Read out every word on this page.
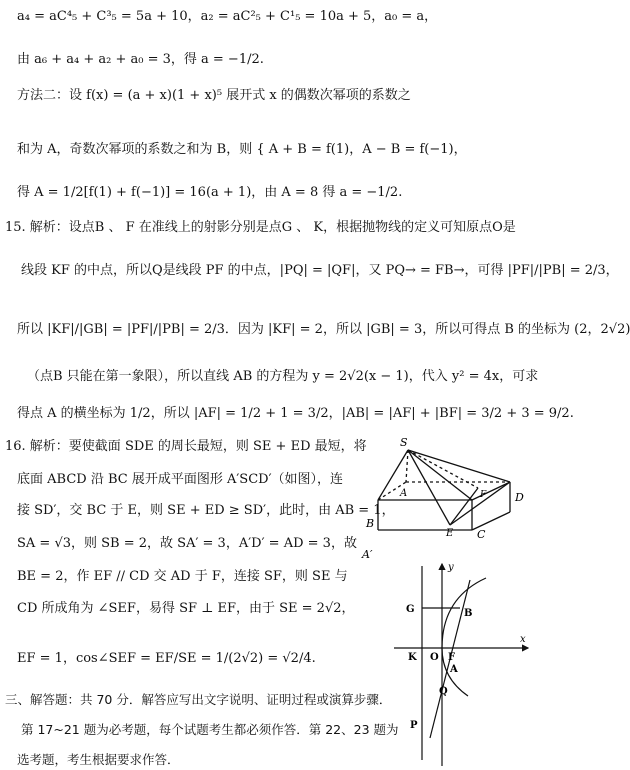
a₄ = aC⁴₅ + C³₅ = 5a + 10，a₂ = aC²₅ + C¹₅ = 10a + 5，a₀ = a，
由 a₆ + a₄ + a₂ + a₀ = 3，得 a = −1/2.
方法二：设 f(x) = (a + x)(1 + x)⁵ 展开式 x 的偶数次幂项的系数之
和为 A，奇数次幂项的系数之和为 B，则 { A + B = f(1)，A − B = f(−1)，
得 A = 1/2[f(1) + f(−1)] = 16(a + 1)，由 A = 8 得 a = −1/2.
15. 解析：设点B 、 F 在准线上的射影分别是点G 、 K，根据抛物线的定义可知原点O是
线段 KF 的中点，所以Q是线段 PF 的中点，|PQ| = |QF|，又 PQ→ = FB→，可得 |PF|/|PB| = 2/3，
所以 |KF|/|GB| = |PF|/|PB| = 2/3．因为 |KF| = 2，所以 |GB| = 3，所以可得点 B 的坐标为 (2，2√2)
（点B 只能在第一象限），所以直线 AB 的方程为 y = 2√2(x − 1)，代入 y² = 4x，可求
得点 A 的横坐标为 1/2，所以 |AF| = 1/2 + 1 = 3/2，|AB| = |AF| + |BF| = 3/2 + 3 = 9/2.
16. 解析：要使截面 SDE 的周长最短，则 SE + ED 最短，将
底面 ABCD 沿 BC 展开成平面图形 A′SCD′（如图），连
接 SD′，交 BC 于 E，则 SE + ED ≥ SD′，此时，由 AB = 1，
SA = √3，则 SB = 2，故 SA′ = 3，A′D′ = AD = 3，故
BE = 2，作 EF // CD 交 AD 于 F，连接 SF，则 SE 与
CD 所成角为 ∠SEF，易得 SF ⊥ EF，由于 SE = 2√2，
EF = 1，cos∠SEF = EF/SE = 1/(2√2) = √2/4.
三、解答题：共 70 分．解答应写出文字说明、证明过程或演算步骤．
第 17~21 题为必考题，每个试题考生都必须作答．第 22、23 题为
选考题，考生根据要求作答．
S
A
B
C
D
E
F
A′
y
x
G	B
K O F
A
Q
P
